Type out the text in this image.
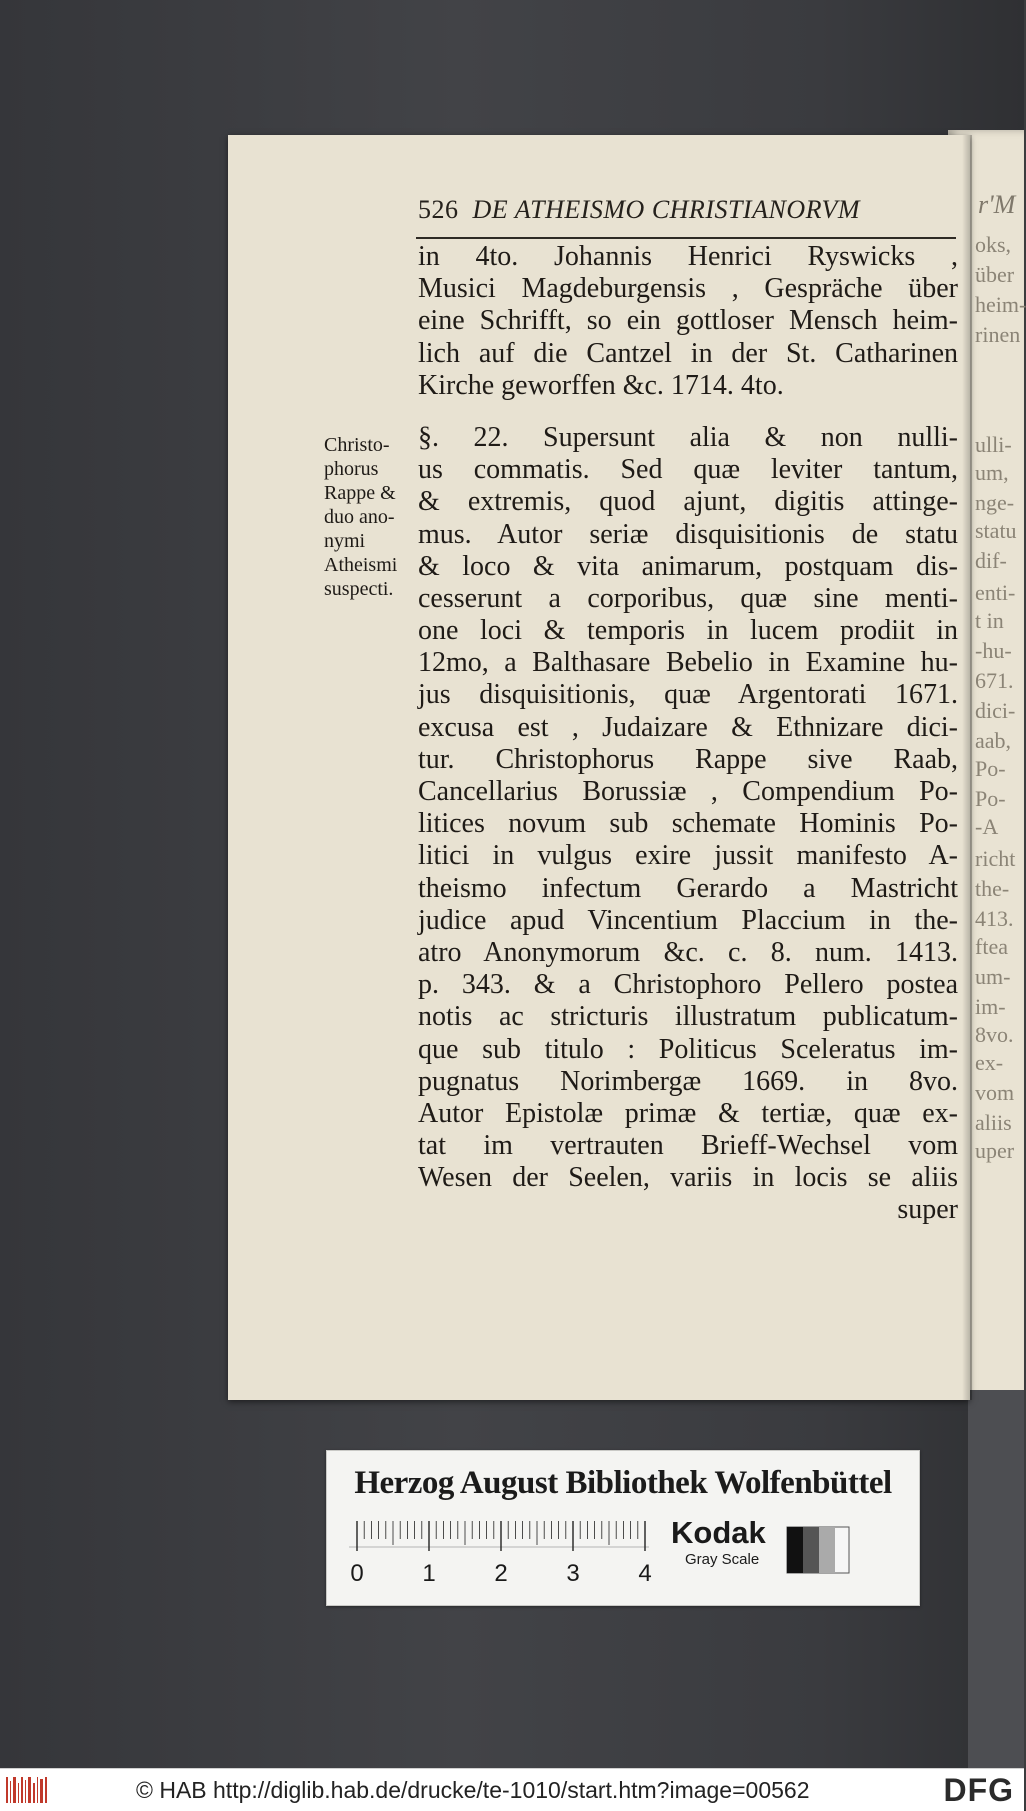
r'M
oks,
über
heim-
rinen
ulli-
um,
nge-
statu
dif-
enti-
t in
-hu-
671.
dici-
aab,
Po-
Po-
-A
richt
the-
413.
ftea
um-
im-
8vo.
ex-
vom
aliis
uper
526 DE ATHEISMO CHRISTIANORVM
Christo-
phorus
Rappe &
duo ano-
nymi
Atheismi
suspecti.
in 4to. Johannis Henrici Ryswicks ,
Musici Magdeburgensis , Gespräche über
eine Schrifft, so ein gottloser Mensch heim-
lich auf die Cantzel in der St. Catharinen
Kirche geworffen &c. 1714. 4to.
§. 22. Supersunt alia & non nulli-
us commatis. Sed quæ leviter tantum,
& extremis, quod ajunt, digitis attinge-
mus. Autor seriæ disquisitionis de statu
& loco & vita animarum, postquam dis-
cesserunt a corporibus, quæ sine menti-
one loci & temporis in lucem prodiit in
12mo, a Balthasare Bebelio in Examine hu-
jus disquisitionis, quæ Argentorati 1671.
excusa est , Judaizare & Ethnizare dici-
tur. Christophorus Rappe sive Raab,
Cancellarius Borussiæ , Compendium Po-
litices novum sub schemate Hominis Po-
litici in vulgus exire jussit manifesto A-
theismo infectum Gerardo a Mastricht
judice apud Vincentium Placcium in the-
atro Anonymorum &c. c. 8. num. 1413.
p. 343. & a Christophoro Pellero postea
notis ac stricturis illustratum publicatum-
que sub titulo : Politicus Sceleratus im-
pugnatus Norimbergæ 1669. in 8vo.
Autor Epistolæ primæ & tertiæ, quæ ex-
tat im vertrauten Brieff-Wechsel vom
Wesen der Seelen, variis in locis se aliis
super
Herzog August Bibliothek Wolfenbüttel
0 1 2 3 4
Kodak
Gray Scale
© HAB http://diglib.hab.de/drucke/te-1010/start.htm?image=00562	DFG
